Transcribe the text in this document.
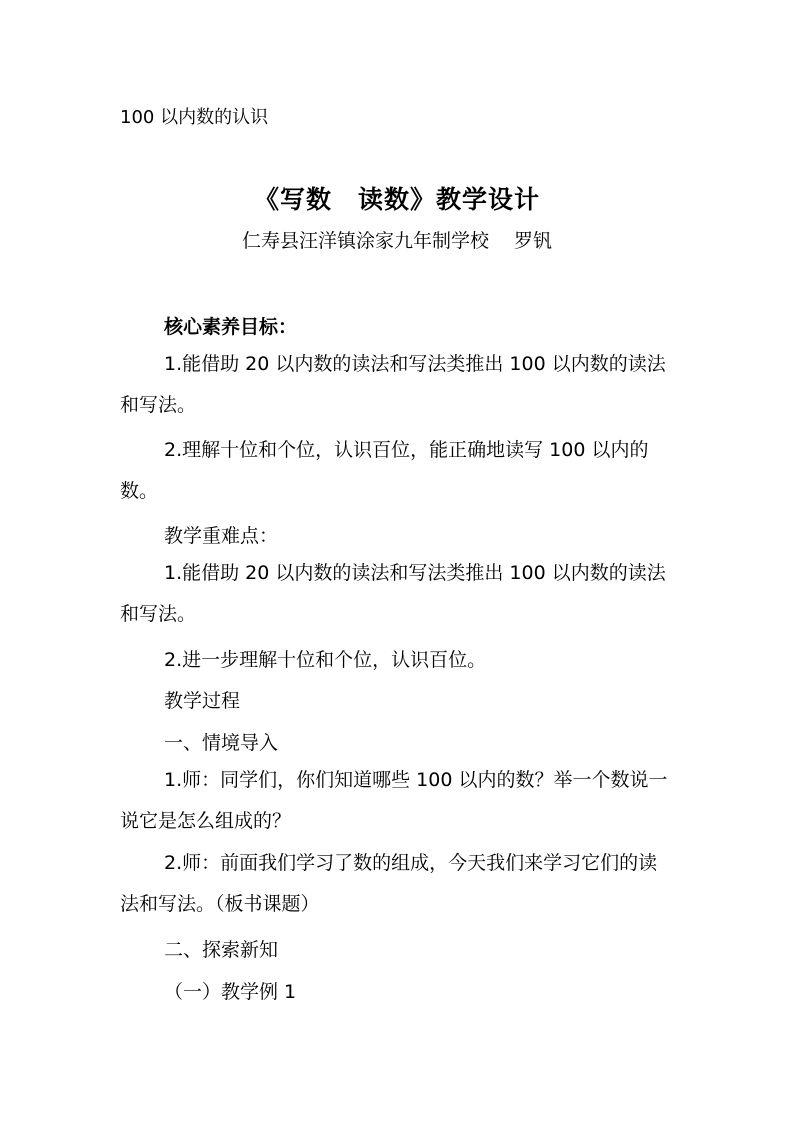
100 以内数的认识
《写数　读数》教学设计
仁寿县汪洋镇涂家九年制学校　 罗钒
核心素养目标：

1.能借助 20 以内数的读法和写法类推出 100 以内数的读法和写法。

2.理解十位和个位，认识百位，能正确地读写 100 以内的数。

教学重难点：

1.能借助 20 以内数的读法和写法类推出 100 以内数的读法和写法。

2.进一步理解十位和个位，认识百位。
教学过程
一、情境导入

1.师：同学们，你们知道哪些 100 以内的数？举一个数说一说它是怎么组成的？

2.师：前面我们学习了数的组成，今天我们来学习它们的读法和写法。（板书课题）

二、探索新知
（一）教学例 1
